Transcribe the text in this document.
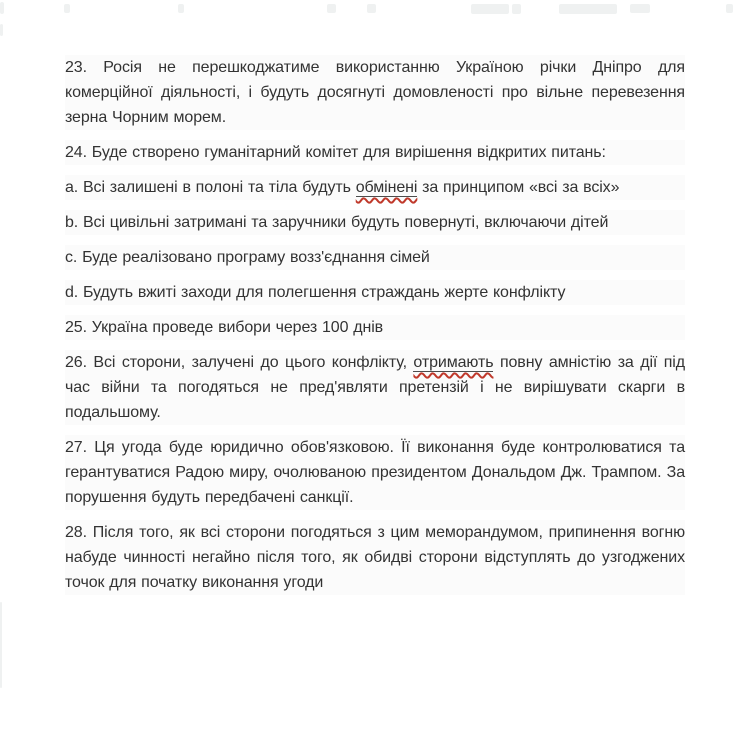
23. Росія не перешкоджатиме використанню Україною річки Дніпро для комерційної діяльності, і будуть досягнуті домовленості про вільне перевезення зерна Чорним морем.

24. Буде створено гуманітарний комітет для вирішення відкритих питань:

a. Всі залишені в полоні та тіла будуть обмінені за принципом «всі за всіх»

b. Всі цивільні затримані та заручники будуть повернуті, включаючи дітей

c. Буде реалізовано програму возз'єднання сімей

d. Будуть вжиті заходи для полегшення страждань жерте конфлікту

25. Україна проведе вибори через 100 днів

26. Всі сторони, залучені до цього конфлікту, отримають повну амністію за дії під час війни та погодяться не пред'являти претензій і не вирішувати скарги в подальшому.

27. Ця угода буде юридично обов'язковою. Її виконання буде контролюватися та герантуватися Радою миру, очолюваною президентом Дональдом Дж. Трампом. За порушення будуть передбачені санкції.

28. Після того, як всі сторони погодяться з цим меморандумом, припинення вогню набуде чинності негайно після того, як обидві сторони відступлять до узгоджених точок для початку виконання угоди
